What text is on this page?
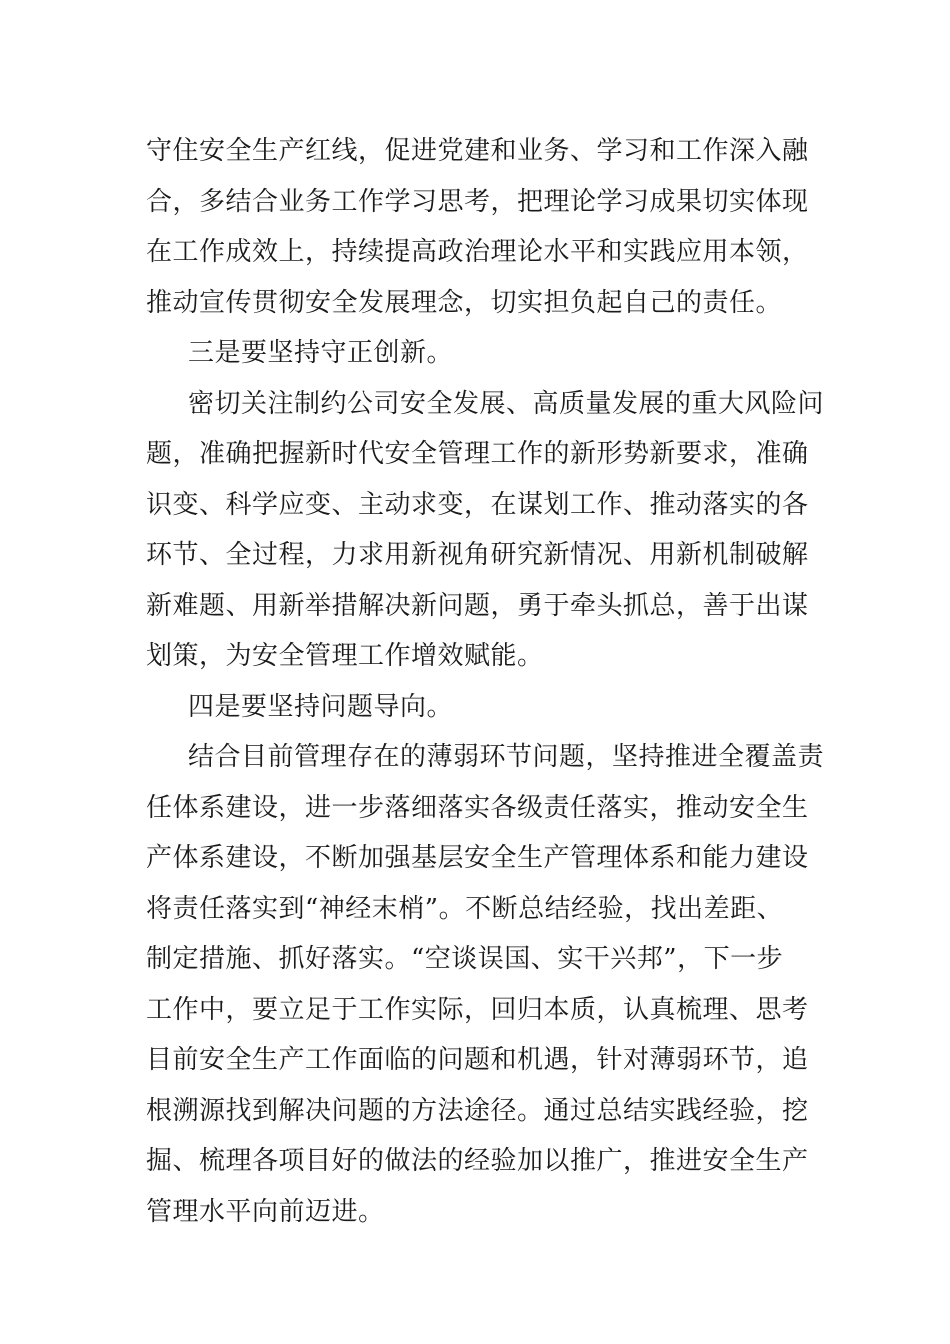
守住安全生产红线，促进党建和业务、学习和工作深入融
合，多结合业务工作学习思考，把理论学习成果切实体现
在工作成效上，持续提高政治理论水平和实践应用本领，
推动宣传贯彻安全发展理念，切实担负起自己的责任。
三是要坚持守正创新。
密切关注制约公司安全发展、高质量发展的重大风险问
题，准确把握新时代安全管理工作的新形势新要求，准确
识变、科学应变、主动求变，在谋划工作、推动落实的各
环节、全过程，力求用新视角研究新情况、用新机制破解
新难题、用新举措解决新问题，勇于牵头抓总，善于出谋
划策，为安全管理工作增效赋能。
四是要坚持问题导向。
结合目前管理存在的薄弱环节问题，坚持推进全覆盖责
任体系建设，进一步落细落实各级责任落实，推动安全生
产体系建设，不断加强基层安全生产管理体系和能力建设
将责任落实到“神经末梢”。不断总结经验，找出差距、
制定措施、抓好落实。“空谈误国、实干兴邦”，下一步
工作中，要立足于工作实际，回归本质，认真梳理、思考
目前安全生产工作面临的问题和机遇，针对薄弱环节，追
根溯源找到解决问题的方法途径。通过总结实践经验，挖
掘、梳理各项目好的做法的经验加以推广，推进安全生产
管理水平向前迈进。
